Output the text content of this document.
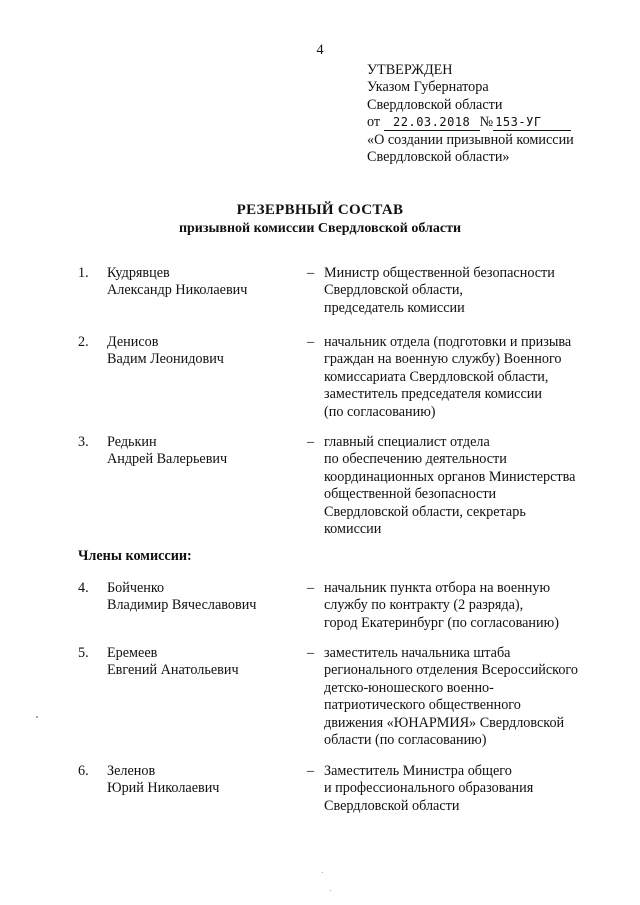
4
УТВЕРЖДЕН
Указом Губернатора
Свердловской области
от 22.03.2018 № 153-УГ
«О создании призывной комиссии
Свердловской области»
РЕЗЕРВНЫЙ СОСТАВ
призывной комиссии Свердловской области
1. Кудрявцев
Александр Николаевич
– Министр общественной безопасности
Свердловской области,
председатель комиссии
2. Денисов
Вадим Леонидович
– начальник отдела (подготовки и призыва
граждан на военную службу) Военного
комиссариата Свердловской области,
заместитель председателя комиссии
(по согласованию)
3. Редькин
Андрей Валерьевич
– главный специалист отдела
по обеспечению деятельности
координационных органов Министерства
общественной безопасности
Свердловской области, секретарь
комиссии
Члены комиссии:
4. Бойченко
Владимир Вячеславович
– начальник пункта отбора на военную
службу по контракту (2 разряда),
город Екатеринбург (по согласованию)
5. Еремеев
Евгений Анатольевич
– заместитель начальника штаба
регионального отделения Всероссийского
детско-юношеского военно-
патриотического общественного
движения «ЮНАРМИЯ» Свердловской
области (по согласованию)
6. Зеленов
Юрий Николаевич
– Заместитель Министра общего
и профессионального образования
Свердловской области
